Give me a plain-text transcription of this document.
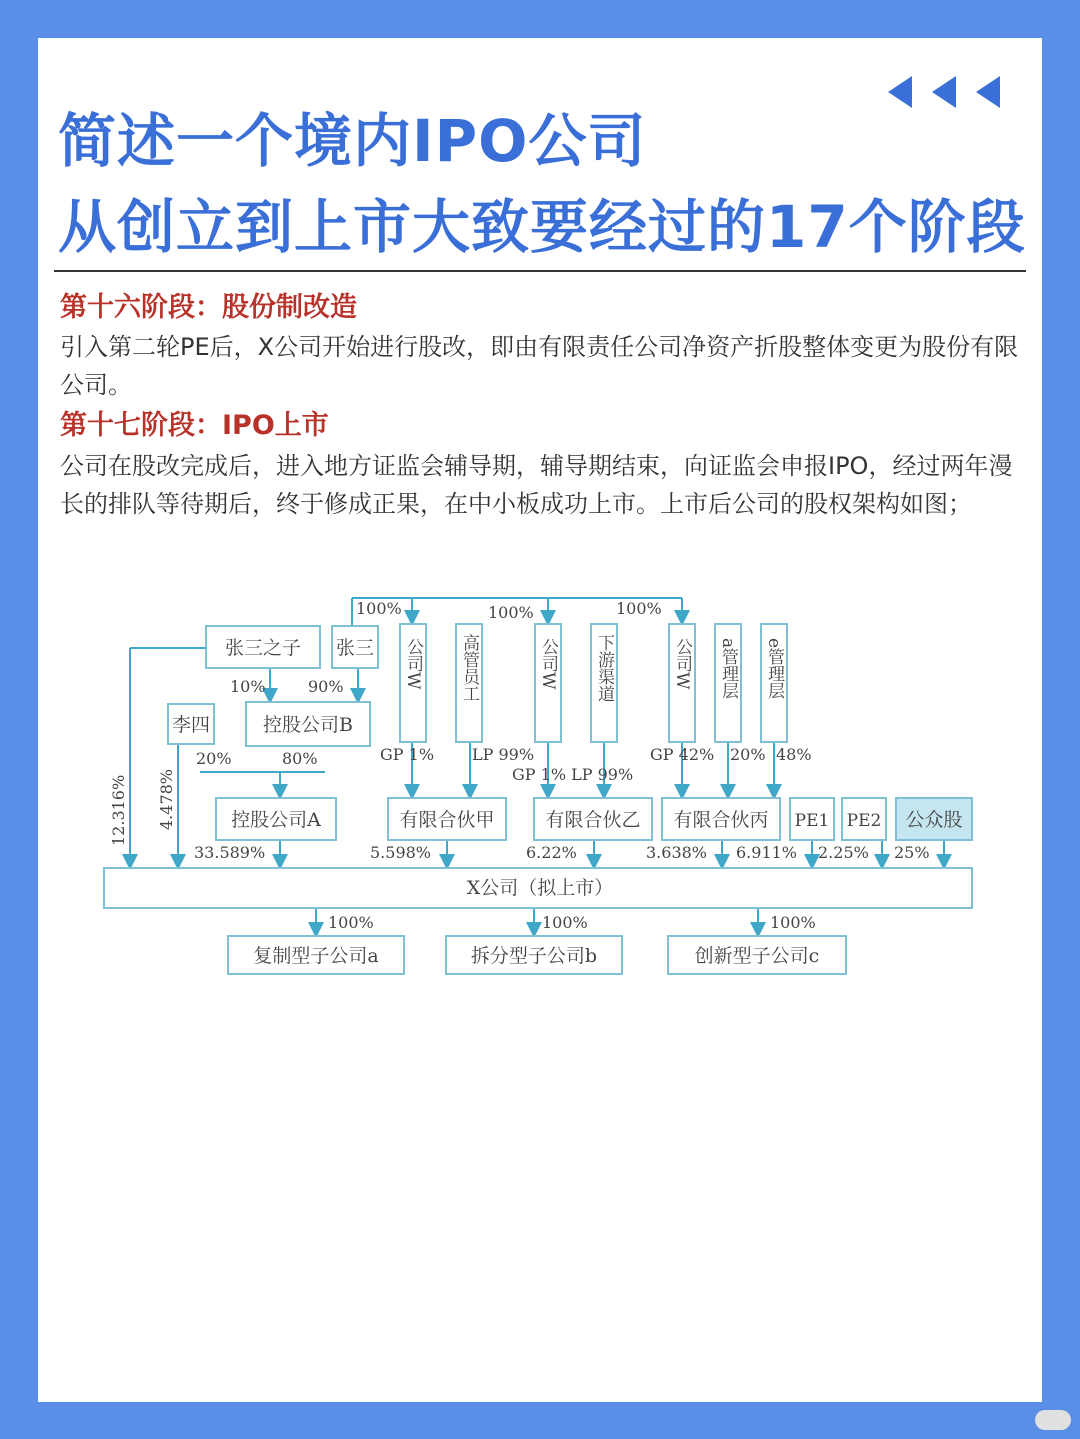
简述一个境内IPO公司
从创立到上市大致要经过的17个阶段
第十六阶段：股份制改造
引入第二轮PE后，X公司开始进行股改，即由有限责任公司净资产折股整体变更为股份有限公司。
第十七阶段：IPO上市
公司在股改完成后，进入地方证监会辅导期，辅导期结束，向证监会申报IPO，经过两年漫长的排队等待期后，终于修成正果，在中小板成功上市。上市后公司的股权架构如图；
张三之子 张三
李四	控股公司B
控股公司A	有限合伙甲	有限合伙乙 有限合伙丙 PE1 PE2 公众股
X公司（拟上市）
复制型子公司a	拆分型子公司b	创新型子公司c
公司W 高管员工	公司W 下游渠道	公司W a管理层 e管理层
100%	100%	100%
10%	90%
20%	80%	GP 1% LP 99%
GP 1% LP 99%
GP 42% 20% 48%
33.589%	5.598%	6.22%	3.638% 6.911% 2.25% 25%
100%	100%	100%
12.316% 4.478%
